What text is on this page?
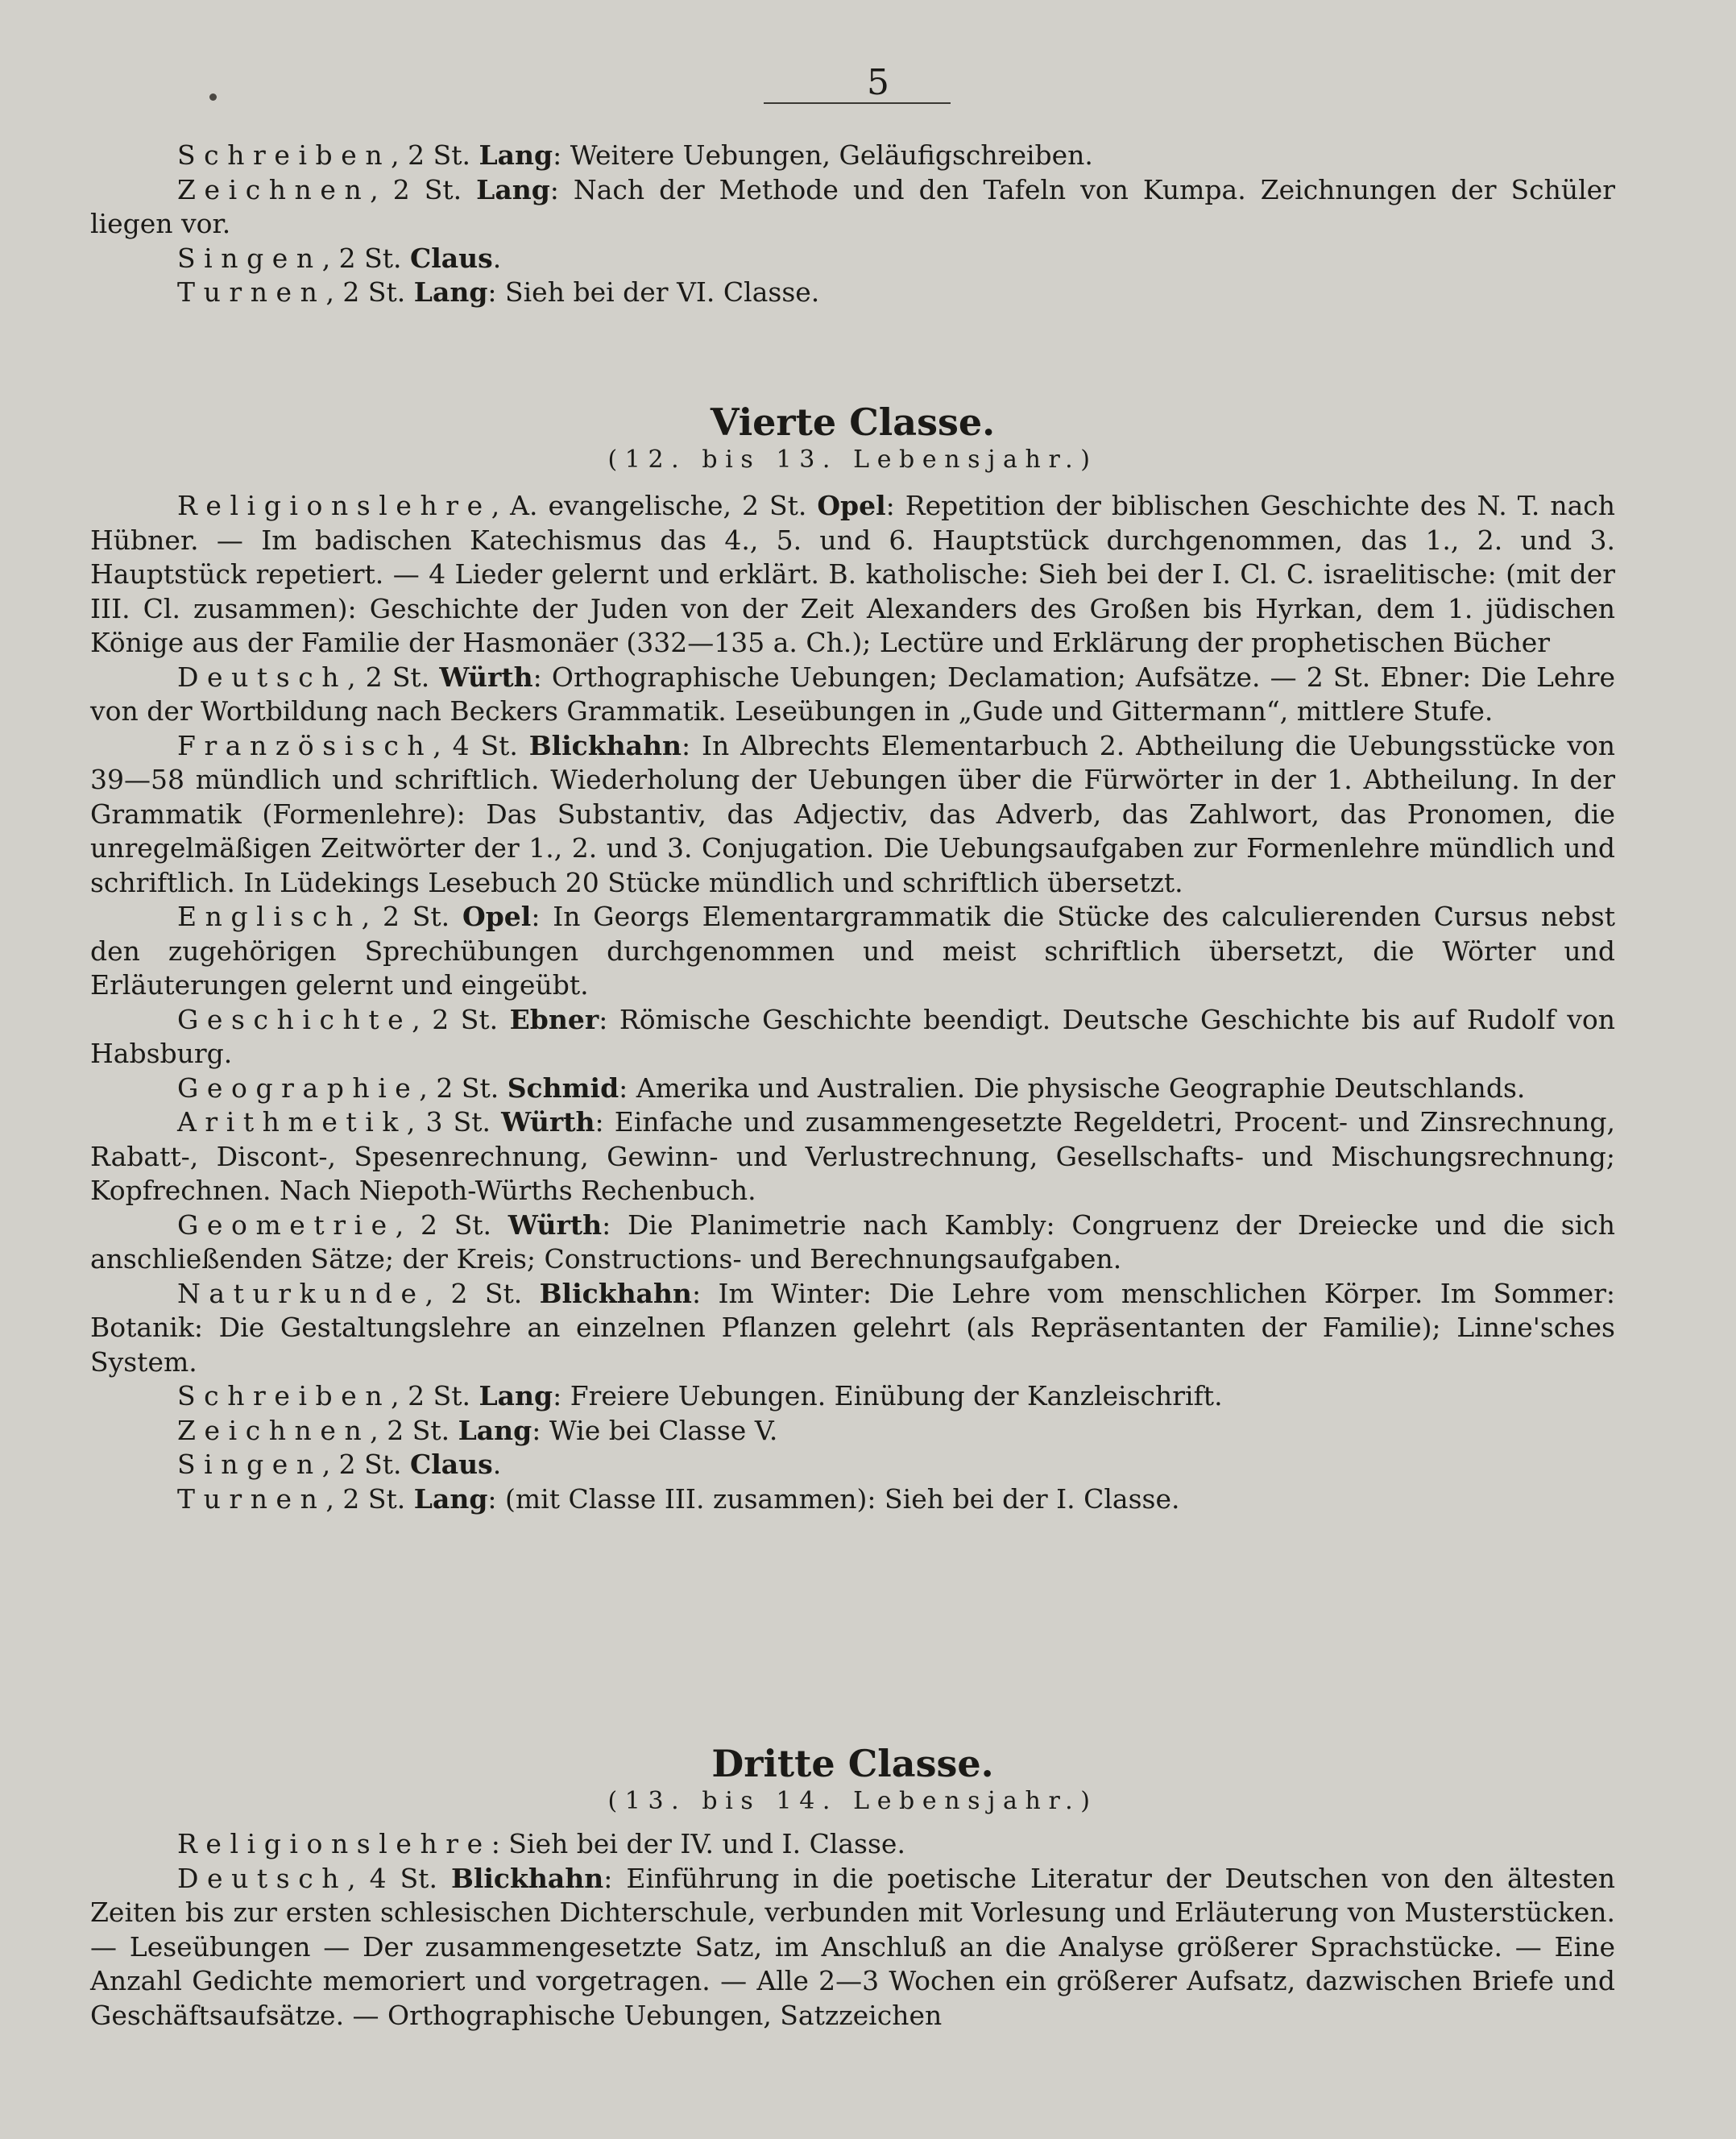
5

Schreiben, 2 St. Lang: Weitere Uebungen, Geläufigschreiben.

Zeichnen, 2 St. Lang: Nach der Methode und den Tafeln von Kumpa. Zeichnungen der Schüler liegen vor.

Singen, 2 St. Claus.

Turnen, 2 St. Lang: Sieh bei der VI. Classe.

Vierte Classe.
(12. bis 13. Lebensjahr.)

Religionslehre, A. evangelische, 2 St. Opel: Repetition der biblischen Geschichte des N. T. nach Hübner. — Im badischen Katechismus das 4., 5. und 6. Hauptstück durchgenommen, das 1., 2. und 3. Hauptstück repetiert. — 4 Lieder gelernt und erklärt. B. katholische: Sieh bei der I. Cl. C. israelitische: (mit der III. Cl. zusammen): Geschichte der Juden von der Zeit Alexanders des Großen bis Hyrkan, dem 1. jüdischen Könige aus der Familie der Hasmonäer (332—135 a. Ch.); Lectüre und Erklärung der prophetischen Bücher

Deutsch, 2 St. Würth: Orthographische Uebungen; Declamation; Aufsätze. — 2 St. Ebner: Die Lehre von der Wortbildung nach Beckers Grammatik. Leseübungen in „Gude und Gittermann“, mittlere Stufe.

Französisch, 4 St. Blickhahn: In Albrechts Elementarbuch 2. Abtheilung die Uebungsstücke von 39—58 mündlich und schriftlich. Wiederholung der Uebungen über die Fürwörter in der 1. Abtheilung. In der Grammatik (Formenlehre): Das Substantiv, das Adjectiv, das Adverb, das Zahlwort, das Pronomen, die unregelmäßigen Zeitwörter der 1., 2. und 3. Conjugation. Die Uebungsaufgaben zur Formenlehre mündlich und schriftlich. In Lüdekings Lesebuch 20 Stücke mündlich und schriftlich übersetzt.

Englisch, 2 St. Opel: In Georgs Elementargrammatik die Stücke des calculierenden Cursus nebst den zugehörigen Sprechübungen durchgenommen und meist schriftlich übersetzt, die Wörter und Erläuterungen gelernt und eingeübt.

Geschichte, 2 St. Ebner: Römische Geschichte beendigt. Deutsche Geschichte bis auf Rudolf von Habsburg.

Geographie, 2 St. Schmid: Amerika und Australien. Die physische Geographie Deutschlands.

Arithmetik, 3 St. Würth: Einfache und zusammengesetzte Regeldetri, Procent- und Zinsrechnung, Rabatt-, Discont-, Spesenrechnung, Gewinn- und Verlustrechnung, Gesellschafts- und Mischungsrechnung; Kopfrechnen. Nach Niepoth-Würths Rechenbuch.

Geometrie, 2 St. Würth: Die Planimetrie nach Kambly: Congruenz der Dreiecke und die sich anschließenden Sätze; der Kreis; Constructions- und Berechnungsaufgaben.

Naturkunde, 2 St. Blickhahn: Im Winter: Die Lehre vom menschlichen Körper. Im Sommer: Botanik: Die Gestaltungslehre an einzelnen Pflanzen gelehrt (als Repräsentanten der Familie); Linne'sches System.

Schreiben, 2 St. Lang: Freiere Uebungen. Einübung der Kanzleischrift.

Zeichnen, 2 St. Lang: Wie bei Classe V.

Singen, 2 St. Claus.

Turnen, 2 St. Lang: (mit Classe III. zusammen): Sieh bei der I. Classe.

Dritte Classe.
(13. bis 14. Lebensjahr.)

Religionslehre: Sieh bei der IV. und I. Classe.

Deutsch, 4 St. Blickhahn: Einführung in die poetische Literatur der Deutschen von den ältesten Zeiten bis zur ersten schlesischen Dichterschule, verbunden mit Vorlesung und Erläuterung von Musterstücken. — Leseübungen — Der zusammengesetzte Satz, im Anschluß an die Analyse größerer Sprachstücke. — Eine Anzahl Gedichte memoriert und vorgetragen. — Alle 2—3 Wochen ein größerer Aufsatz, dazwischen Briefe und Geschäftsaufsätze. — Orthographische Uebungen, Satzzeichen
